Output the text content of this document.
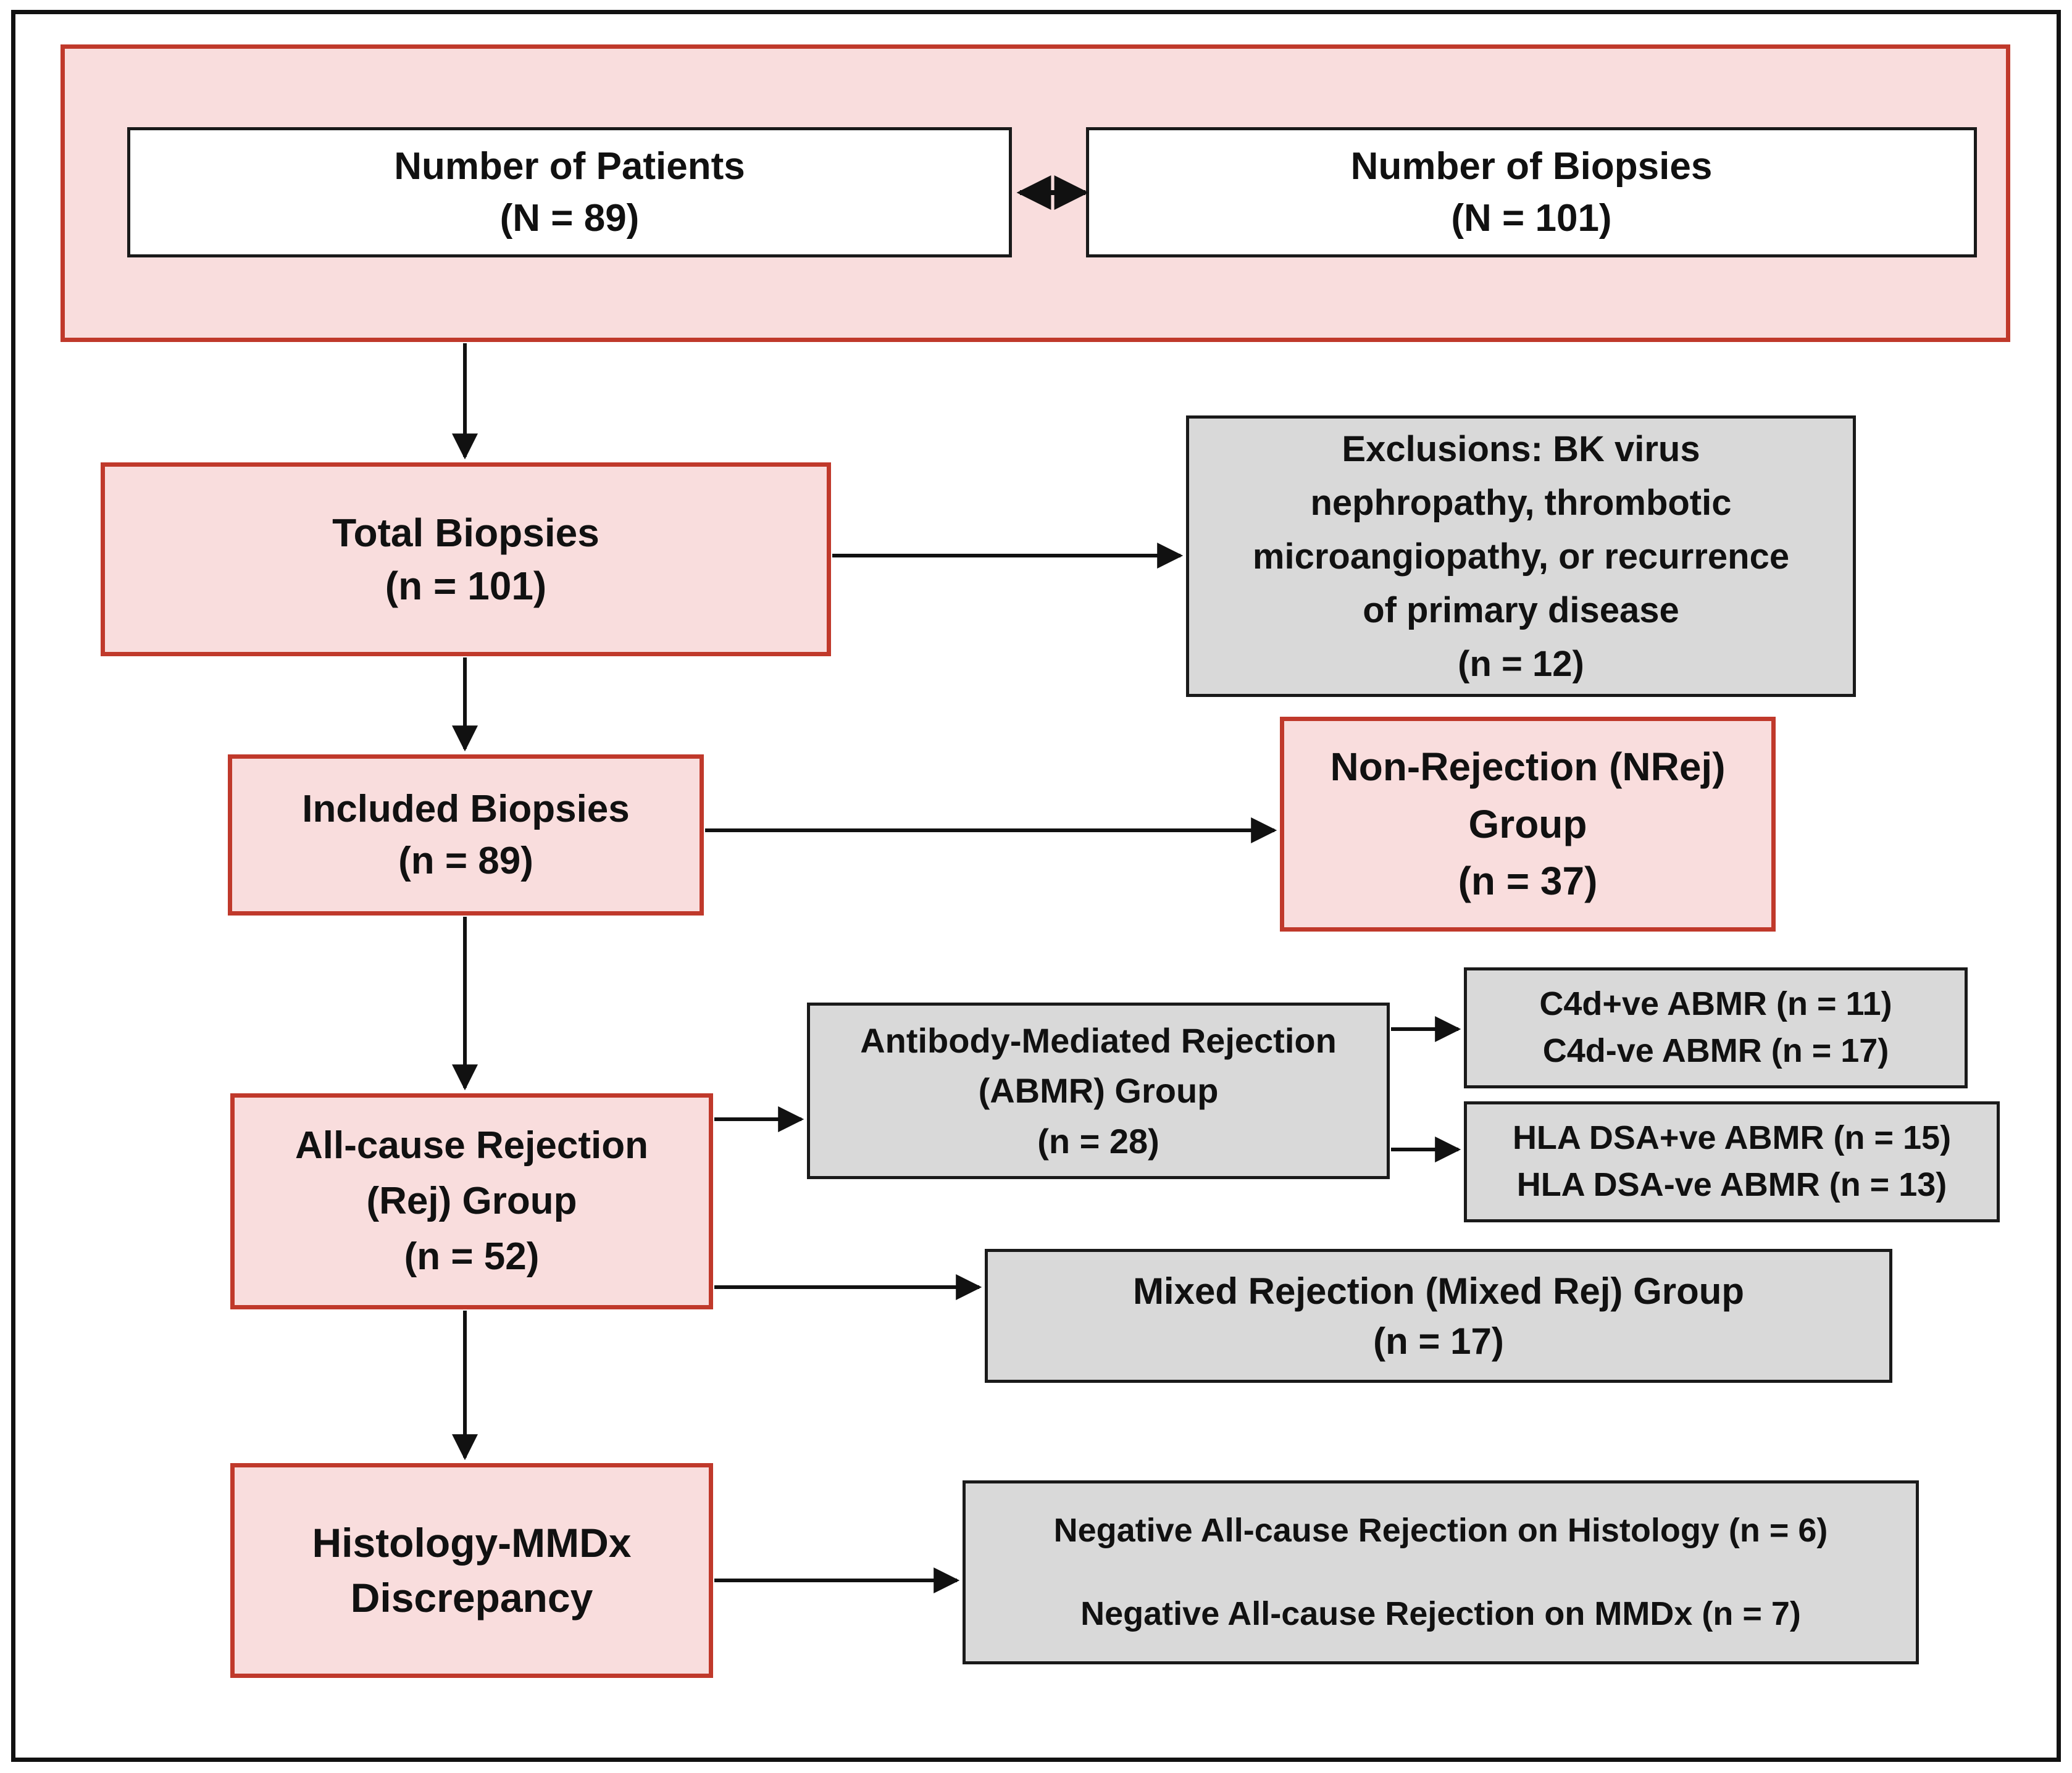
Number of Patients
(N = 89)
Number of Biopsies
(N = 101)
Total Biopsies
(n = 101)
Exclusions: BK virus
nephropathy, thrombotic
microangiopathy, or recurrence
of primary disease
(n = 12)
Included Biopsies
(n = 89)
Non-Rejection (NRej)
Group
(n = 37)
All-cause Rejection
(Rej) Group
(n = 52)
Antibody-Mediated Rejection
(ABMR) Group
(n = 28)
C4d+ve ABMR (n = 11)
C4d-ve ABMR (n = 17)
HLA DSA+ve ABMR (n = 15)
HLA DSA-ve ABMR (n = 13)
Mixed Rejection (Mixed Rej) Group
(n = 17)
Histology-MMDx
Discrepancy
Negative All-cause Rejection on Histology (n = 6)
Negative All-cause Rejection on MMDx (n = 7)
